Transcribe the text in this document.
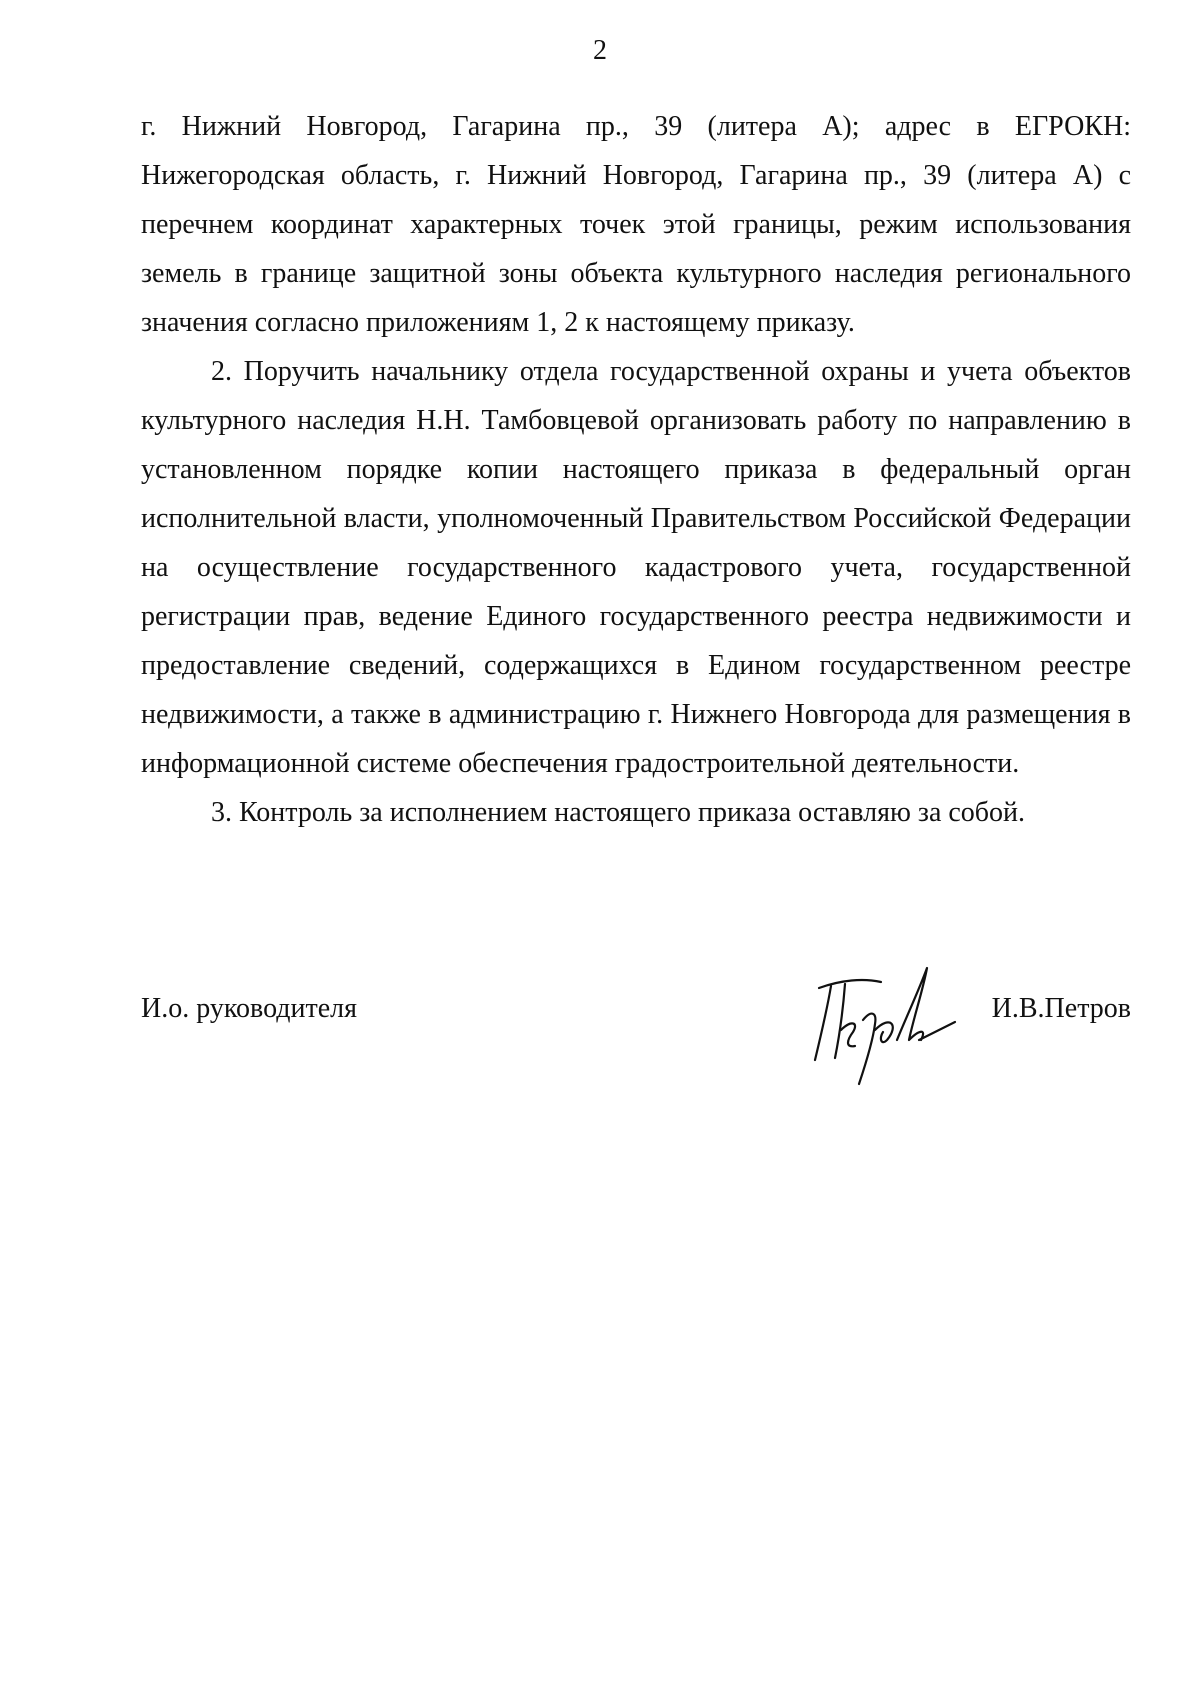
2

г. Нижний Новгород, Гагарина пр., 39 (литера А); адрес в ЕГРОКН: Нижегородская область, г. Нижний Новгород, Гагарина пр., 39 (литера А) с перечнем координат характерных точек этой границы, режим использования земель в границе защитной зоны объекта культурного наследия регионального значения согласно приложениям 1, 2 к настоящему приказу.

2. Поручить начальнику отдела государственной охраны и учета объектов культурного наследия Н.Н. Тамбовцевой организовать работу по направлению в установленном порядке копии настоящего приказа в федеральный орган исполнительной власти, уполномоченный Правительством Российской Федерации на осуществление государственного кадастрового учета, государственной регистрации прав, ведение Единого государственного реестра недвижимости и предоставление сведений, содержащихся в Едином государственном реестре недвижимости, а также в администрацию г. Нижнего Новгорода для размещения в информационной системе обеспечения градостроительной деятельности.

3. Контроль за исполнением настоящего приказа оставляю за собой.

И.о. руководителя	И.В.Петров
